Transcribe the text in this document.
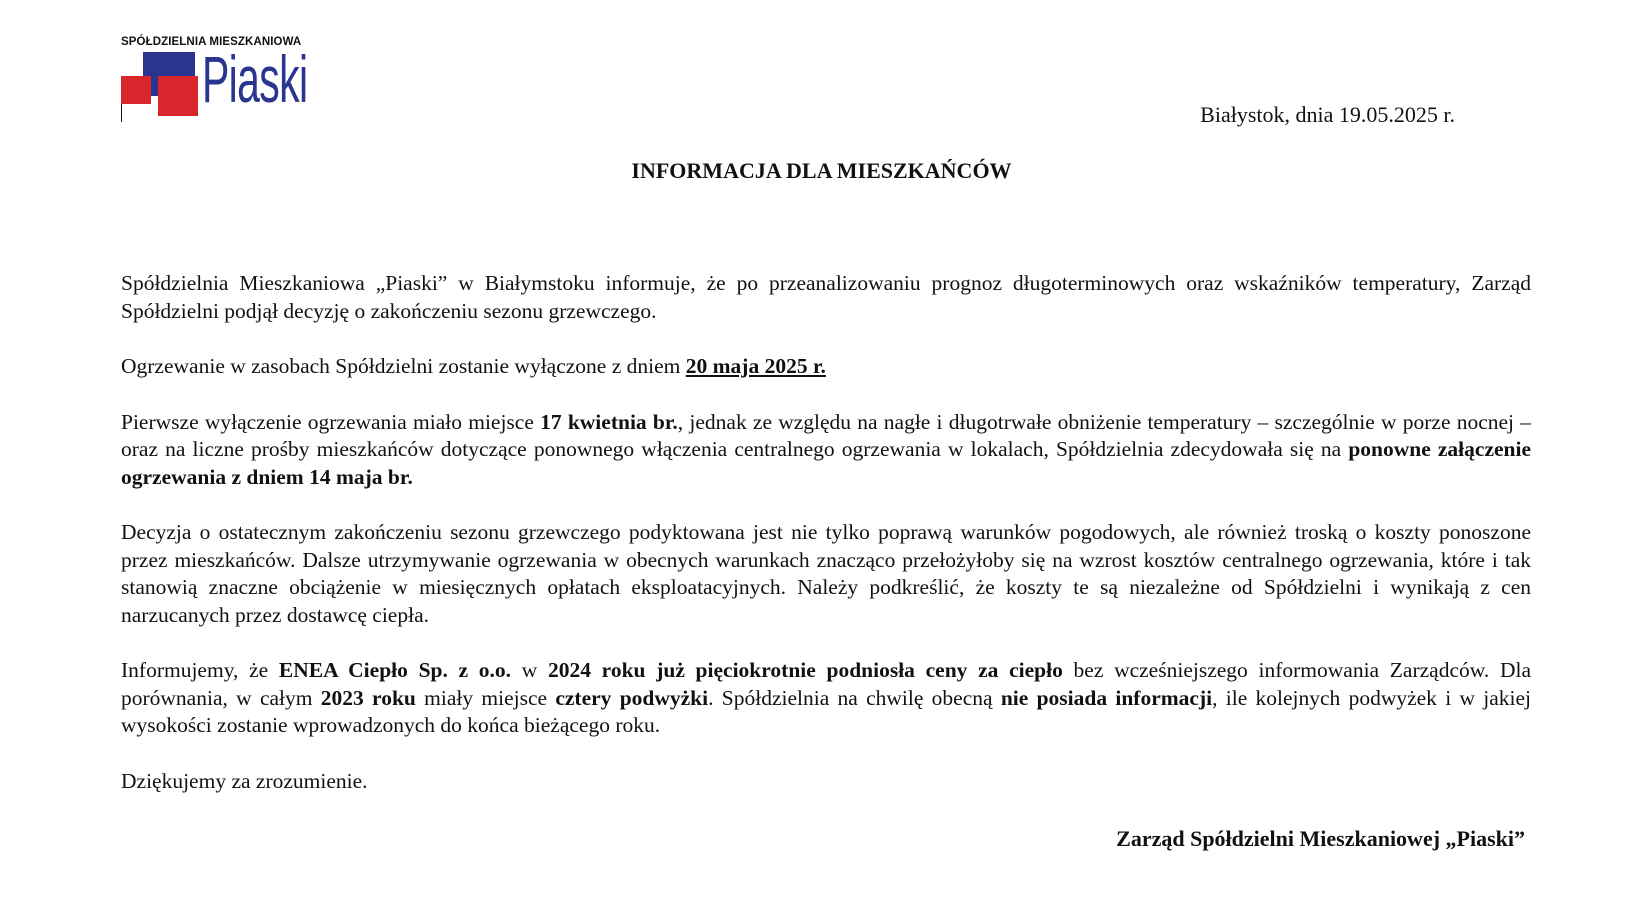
SPÓŁDZIELNIA MIESZKANIOWA
Piaski	Białystok, dnia 19.05.2025 r.
INFORMACJA DLA MIESZKAŃCÓW

Spółdzielnia Mieszkaniowa „Piaski” w Białymstoku informuje, że po przeanalizowaniu prognoz długoterminowych oraz wskaźników temperatury, Zarząd Spółdzielni podjął decyzję o zakończeniu sezonu grzewczego.

Ogrzewanie w zasobach Spółdzielni zostanie wyłączone z dniem 20 maja 2025 r.

Pierwsze wyłączenie ogrzewania miało miejsce 17 kwietnia br., jednak ze względu na nagłe i długotrwałe obniżenie temperatury – szczególnie w porze nocnej – oraz na liczne prośby mieszkańców dotyczące ponownego włączenia centralnego ogrzewania w lokalach, Spółdzielnia zdecydowała się na ponowne załączenie ogrzewania z dniem 14 maja br.

Decyzja o ostatecznym zakończeniu sezonu grzewczego podyktowana jest nie tylko poprawą warunków pogodowych, ale również troską o koszty ponoszone przez mieszkańców. Dalsze utrzymywanie ogrzewania w obecnych warunkach znacząco przełożyłoby się na wzrost kosztów centralnego ogrzewania, które i tak stanowią znaczne obciążenie w miesięcznych opłatach eksploatacyjnych. Należy podkreślić, że koszty te są niezależne od Spółdzielni i wynikają z cen narzucanych przez dostawcę ciepła.

Informujemy, że ENEA Ciepło Sp. z o.o. w 2024 roku już pięciokrotnie podniosła ceny za ciepło bez wcześniejszego informowania Zarządców. Dla porównania, w całym 2023 roku miały miejsce cztery podwyżki. Spółdzielnia na chwilę obecną nie posiada informacji, ile kolejnych podwyżek i w jakiej wysokości zostanie wprowadzonych do końca bieżącego roku.

Dziękujemy za zrozumienie.

Zarząd Spółdzielni Mieszkaniowej „Piaski”
